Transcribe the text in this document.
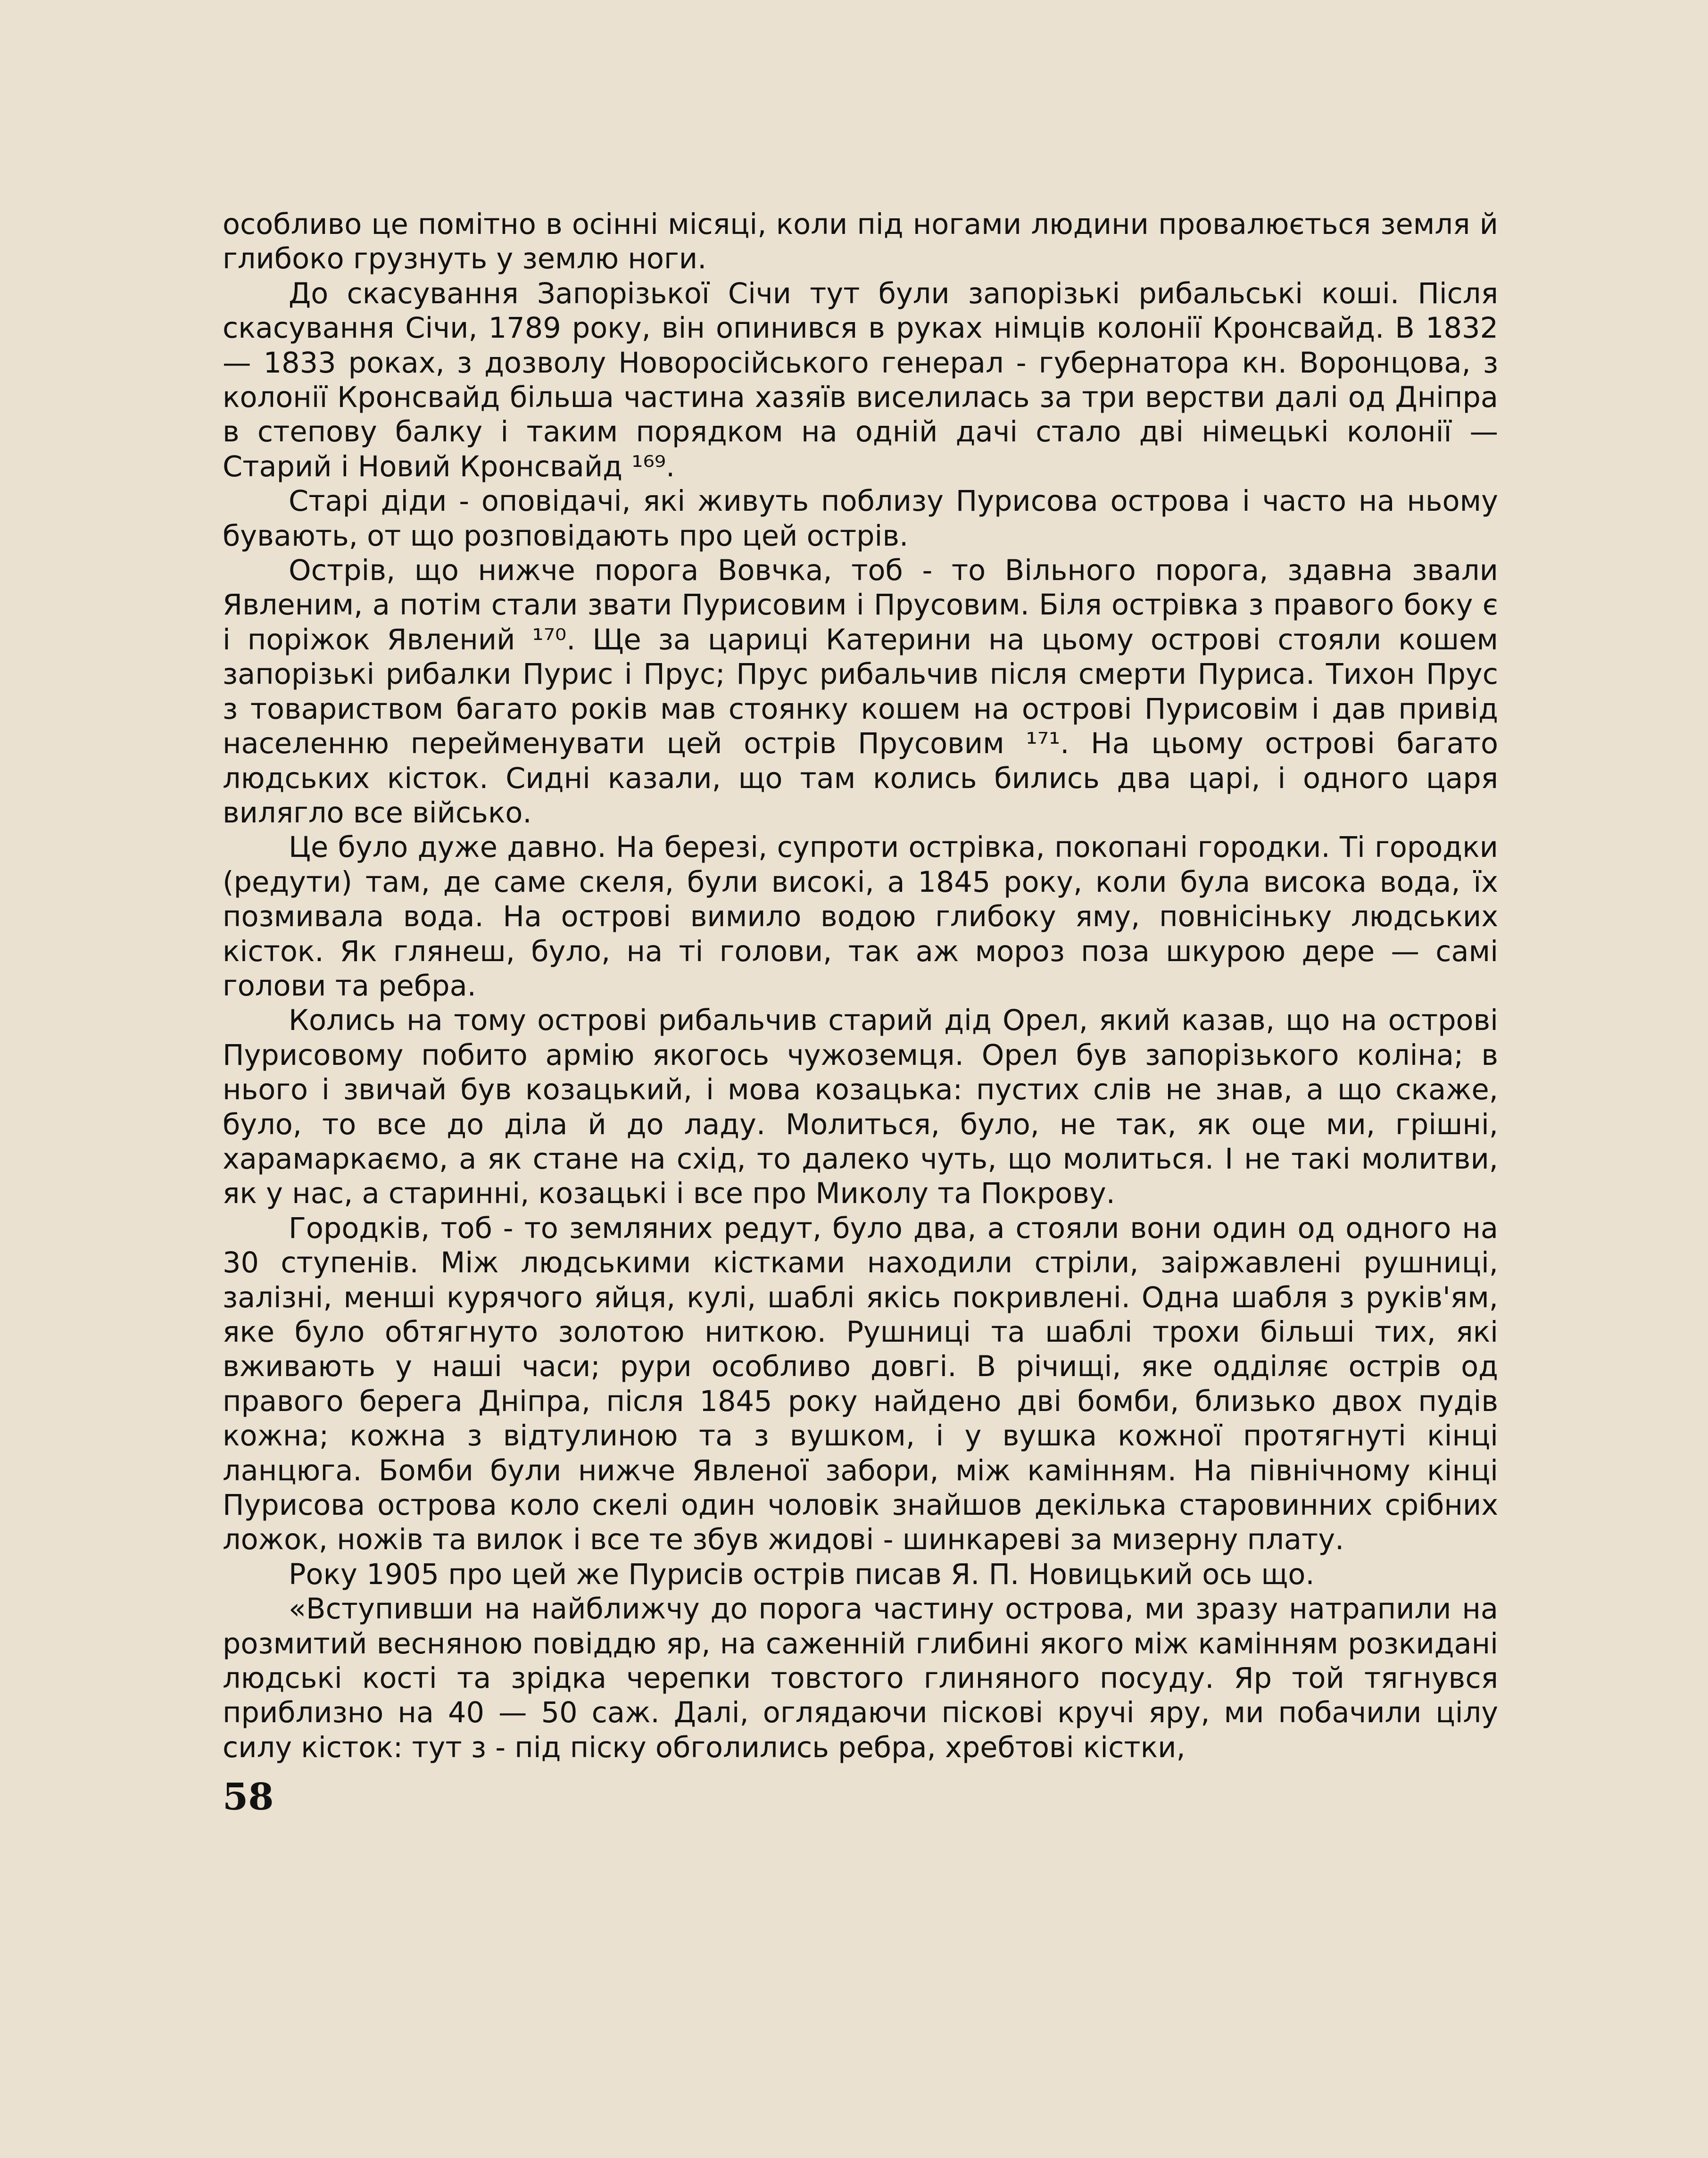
особливо це помітно в осінні місяці, коли під ногами людини провалюється земля й глибоко грузнуть у землю ноги.

До скасування Запорізької Січи тут були запорізькі рибальські коші. Після скасування Січи, 1789 року, він опинився в руках німців колонії Кронсвайд. В 1832 — 1833 роках, з дозволу Новоросійського генерал - губернатора кн. Воронцова, з колонії Кронсвайд більша частина хазяїв виселилась за три верстви далі од Дніпра в степову балку і таким порядком на одній дачі стало дві німецькі колонії — Старий і Новий Кронсвайд ¹⁶⁹.

Старі діди - оповідачі, які живуть поблизу Пурисова острова і часто на ньому бувають, от що розповідають про цей острів.

Острів, що нижче порога Вовчка, тоб - то Вільного порога, здавна звали Явленим, а потім стали звати Пурисовим і Прусовим. Біля острівка з правого боку є і поріжок Явлений ¹⁷⁰. Ще за цариці Катерини на цьому острові стояли кошем запорізькі рибалки Пурис і Прус; Прус рибальчив після смерти Пуриса. Тихон Прус з товариством багато років мав стоянку кошем на острові Пурисовім і дав привід населенню перейменувати цей острів Прусовим ¹⁷¹. На цьому острові багато людських кісток. Сидні казали, що там колись бились два царі, і одного царя вилягло все військо.

Це було дуже давно. На березі, супроти острівка, покопані городки. Ті городки (редути) там, де саме скеля, були високі, а 1845 року, коли була висока вода, їх позмивала вода. На острові вимило водою глибоку яму, повнісіньку людських кісток. Як глянеш, було, на ті голови, так аж мороз поза шкурою дере — самі голови та ребра.

Колись на тому острові рибальчив старий дід Орел, який казав, що на острові Пурисовому побито армію якогось чужоземця. Орел був запорізького коліна; в нього і звичай був козацький, і мова козацька: пустих слів не знав, а що скаже, було, то все до діла й до ладу. Молиться, було, не так, як оце ми, грішні, харамаркаємо, а як стане на схід, то далеко чуть, що молиться. І не такі молитви, як у нас, а старинні, козацькі і все про Миколу та Покрову.

Городків, тоб - то земляних редут, було два, а стояли вони один од одного на 30 ступенів. Між людськими кістками находили стріли, заіржавлені рушниці, залізні, менші курячого яйця, кулі, шаблі якісь покривлені. Одна шабля з руків'ям, яке було обтягнуто золотою ниткою. Рушниці та шаблі трохи більші тих, які вживають у наші часи; рури особливо довгі. В річищі, яке одділяє острів од правого берега Дніпра, після 1845 року найдено дві бомби, близько двох пудів кожна; кожна з відтулиною та з вушком, і у вушка кожної протягнуті кінці ланцюга. Бомби були нижче Явленої забори, між камінням. На північному кінці Пурисова острова коло скелі один чоловік знайшов декілька старовинних срібних ложок, ножів та вилок і все те збув жидові - шинкареві за мизерну плату.

Року 1905 про цей же Пурисів острів писав Я. П. Новицький ось що.

«Вступивши на найближчу до порога частину острова, ми зразу натрапили на розмитий весняною повіддю яр, на саженній глибині якого між камінням розкидані людські кості та зрідка черепки товстого глиняного посуду. Яр той тягнувся приблизно на 40 — 50 саж. Далі, оглядаючи піскові кручі яру, ми побачили цілу силу кісток: тут з - під піску обголились ребра, хребтові кістки,

58
